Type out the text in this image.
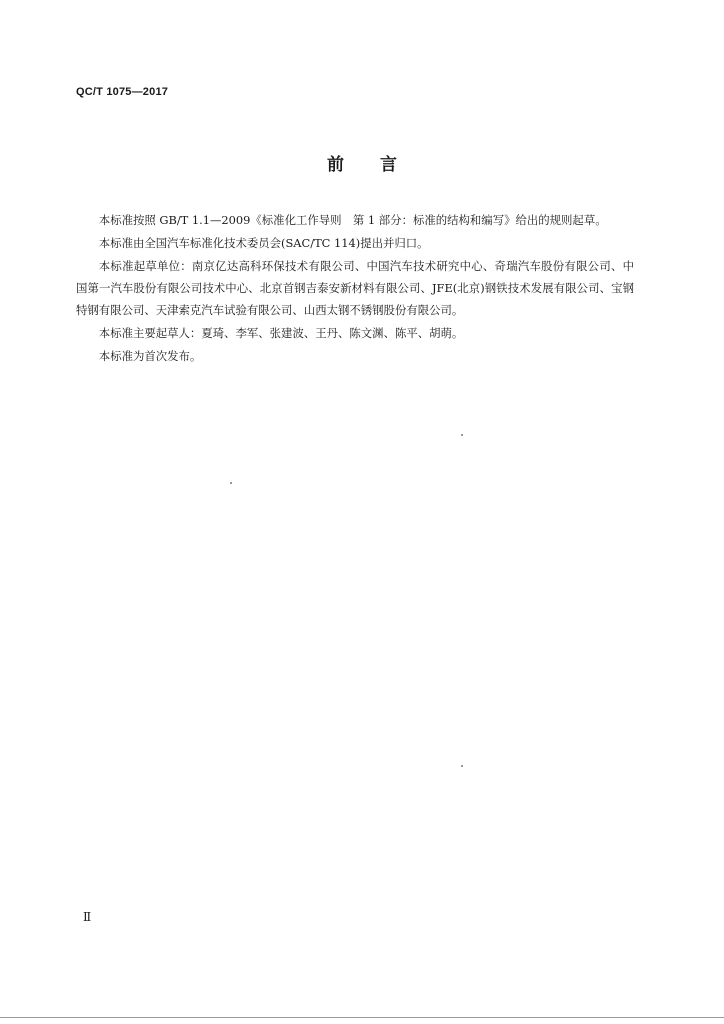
QC/T 1075—2017
前言

本标准按照 GB/T 1.1—2009《标准化工作导则　第 1 部分：标准的结构和编写》给出的规则起草。

本标准由全国汽车标准化技术委员会(SAC/TC 114)提出并归口。

本标准起草单位：南京亿达高科环保技术有限公司、中国汽车技术研究中心、奇瑞汽车股份有限公司、中国第一汽车股份有限公司技术中心、北京首钢吉泰安新材料有限公司、JFE(北京)钢铁技术发展有限公司、宝钢特钢有限公司、天津索克汽车试验有限公司、山西太钢不锈钢股份有限公司。

本标准主要起草人：夏琦、李军、张建波、王丹、陈文渊、陈平、胡萌。

本标准为首次发布。

Ⅱ
